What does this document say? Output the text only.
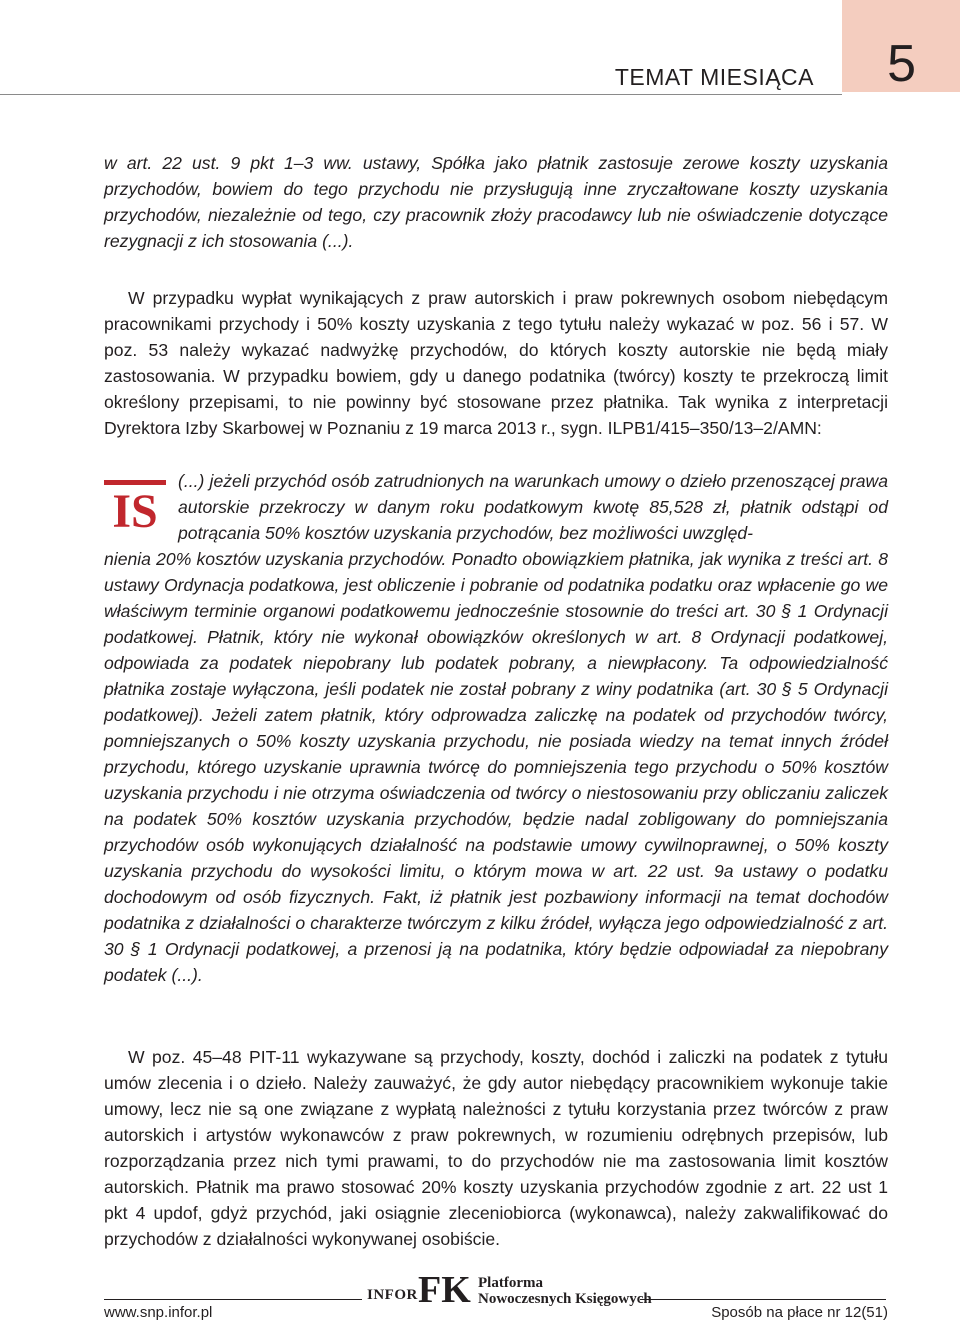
5
TEMAT MIESIĄCA

w art. 22 ust. 9 pkt 1–3 ww. ustawy, Spółka jako płatnik zastosuje zerowe koszty uzyskania przychodów, bowiem do tego przychodu nie przysługują inne zryczałtowane koszty uzyskania przychodów, niezależnie od tego, czy pracownik złoży pracodawcy lub nie oświadczenie dotyczące rezygnacji z ich stosowania (...).

W przypadku wypłat wynikających z praw autorskich i praw pokrewnych osobom niebędącym pracownikami przychody i 50% koszty uzyskania z tego tytułu należy wykazać w poz. 56 i 57. W poz. 53 należy wykazać nadwyżkę przychodów, do których koszty autorskie nie będą miały zastosowania. W przypadku bowiem, gdy u danego podatnika (twórcy) koszty te przekroczą limit określony przepisami, to nie powinny być stosowane przez płatnika. Tak wynika z interpretacji Dyrektora Izby Skarbowej w Poznaniu z 19 marca 2013 r., sygn. ILPB1/415–350/13–2/AMN:

IS

(...) jeżeli przychód osób zatrudnionych na warunkach umowy o dzieło przenoszącej prawa autorskie przekroczy w danym roku podatkowym kwotę 85,528 zł, płatnik odstąpi od potrącania 50% kosztów uzyskania przychodów, bez możliwości uwzględ-

nienia 20% kosztów uzyskania przychodów. Ponadto obowiązkiem płatnika, jak wynika z treści art. 8 ustawy Ordynacja podatkowa, jest obliczenie i pobranie od podatnika podatku oraz wpłacenie go we właściwym terminie organowi podatkowemu jednocześnie stosownie do treści art. 30 § 1 Ordynacji podatkowej. Płatnik, który nie wykonał obowiązków określonych w art. 8 Ordynacji podatkowej, odpowiada za podatek niepobrany lub podatek pobrany, a niewpłacony. Ta odpowiedzialność płatnika zostaje wyłączona, jeśli podatek nie został pobrany z winy podatnika (art. 30 § 5 Ordynacji podatkowej). Jeżeli zatem płatnik, który odprowadza zaliczkę na podatek od przychodów twórcy, pomniejszanych o 50% koszty uzyskania przychodu, nie posiada wiedzy na temat innych źródeł przychodu, którego uzyskanie uprawnia twórcę do pomniejszenia tego przychodu o 50% kosztów uzyskania przychodu i nie otrzyma oświadczenia od twórcy o niestosowaniu przy obliczaniu zaliczek na podatek 50% kosztów uzyskania przychodów, będzie nadal zobligowany do pomniejszania przychodów osób wykonujących działalność na podstawie umowy cywilnoprawnej, o 50% koszty uzyskania przychodu do wysokości limitu, o którym mowa w art. 22 ust. 9a ustawy o podatku dochodowym od osób fizycznych. Fakt, iż płatnik jest pozbawiony informacji na temat dochodów podatnika z działalności o charakterze twórczym z kilku źródeł, wyłącza jego odpowiedzialność z art. 30 § 1 Ordynacji podatkowej, a przenosi ją na podatnika, który będzie odpowiadał za niepobrany podatek (...).

W poz. 45–48 PIT-11 wykazywane są przychody, koszty, dochód i zaliczki na podatek z tytułu umów zlecenia i o dzieło. Należy zauważyć, że gdy autor niebędący pracownikiem wykonuje takie umowy, lecz nie są one związane z wypłatą należności z tytułu korzystania przez twórców z praw autorskich i artystów wykonawców z praw pokrewnych, w rozumieniu odrębnych przepisów, lub rozporządzania przez nich tymi prawami, to do przychodów nie ma zastosowania limit kosztów autorskich. Płatnik ma prawo stosować 20% koszty uzyskania przychodów zgodnie z art. 22 ust 1 pkt 4 updof, gdyż przychód, jaki osiągnie zleceniobiorca (wykonawca), należy zakwalifikować do przychodów z działalności wykonywanej osobiście.

INFOR FK Platforma
Nowoczesnych Księgowych
www.snp.infor.pl	Sposób na płace nr 12(51)
